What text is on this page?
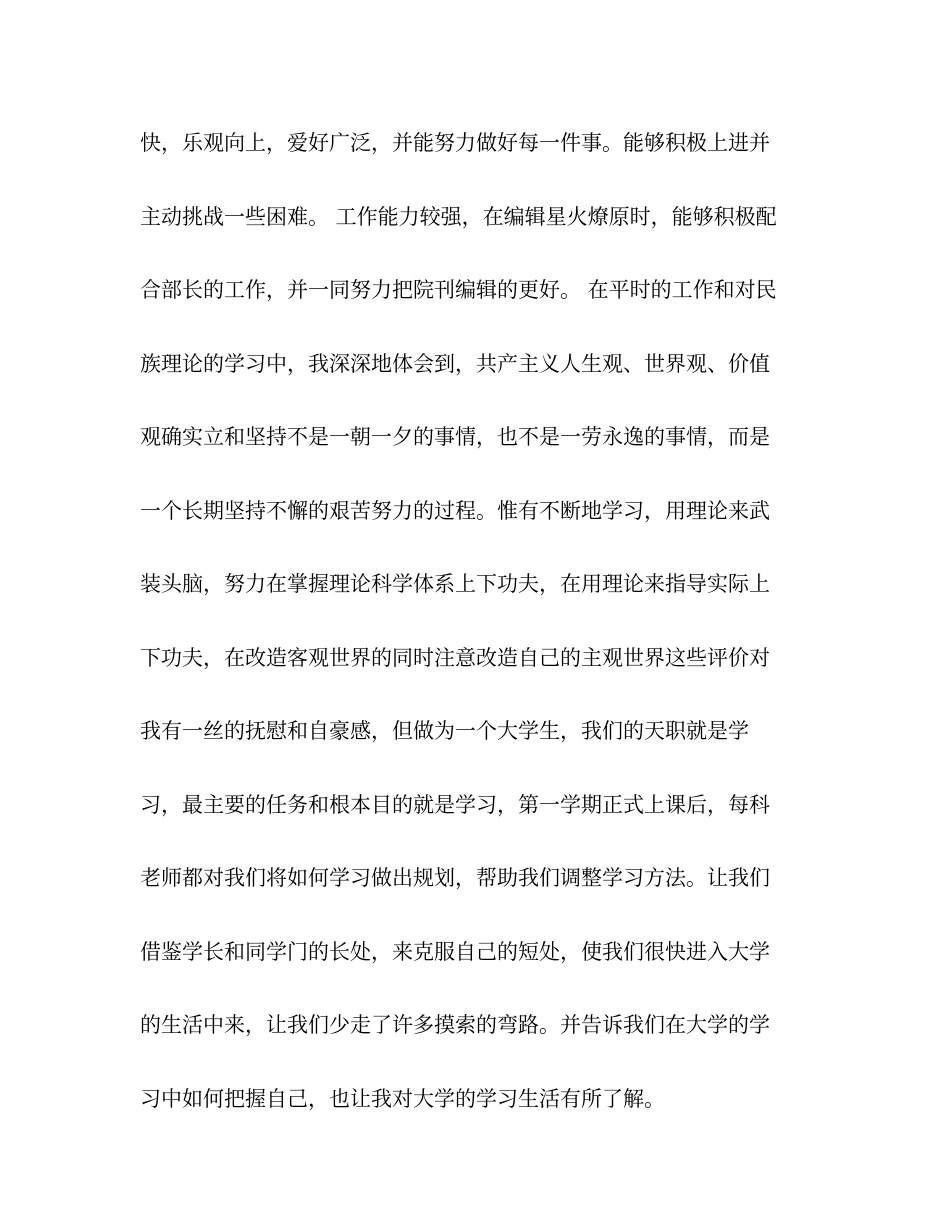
快，乐观向上，爱好广泛，并能努力做好每一件事。能够积极上进并
主动挑战一些困难。 工作能力较强，在编辑星火燎原时，能够积极配
合部长的工作，并一同努力把院刊编辑的更好。 在平时的工作和对民
族理论的学习中，我深深地体会到，共产主义人生观、世界观、价值
观确实立和坚持不是一朝一夕的事情，也不是一劳永逸的事情，而是
一个长期坚持不懈的艰苦努力的过程。惟有不断地学习，用理论来武
装头脑，努力在掌握理论科学体系上下功夫，在用理论来指导实际上
下功夫，在改造客观世界的同时注意改造自己的主观世界这些评价对
我有一丝的抚慰和自豪感，但做为一个大学生，我们的天职就是学
习，最主要的任务和根本目的就是学习，第一学期正式上课后，每科
老师都对我们将如何学习做出规划，帮助我们调整学习方法。让我们
借鉴学长和同学门的长处，来克服自己的短处，使我们很快进入大学
的生活中来，让我们少走了许多摸索的弯路。并告诉我们在大学的学
习中如何把握自己，也让我对大学的学习生活有所了解。
